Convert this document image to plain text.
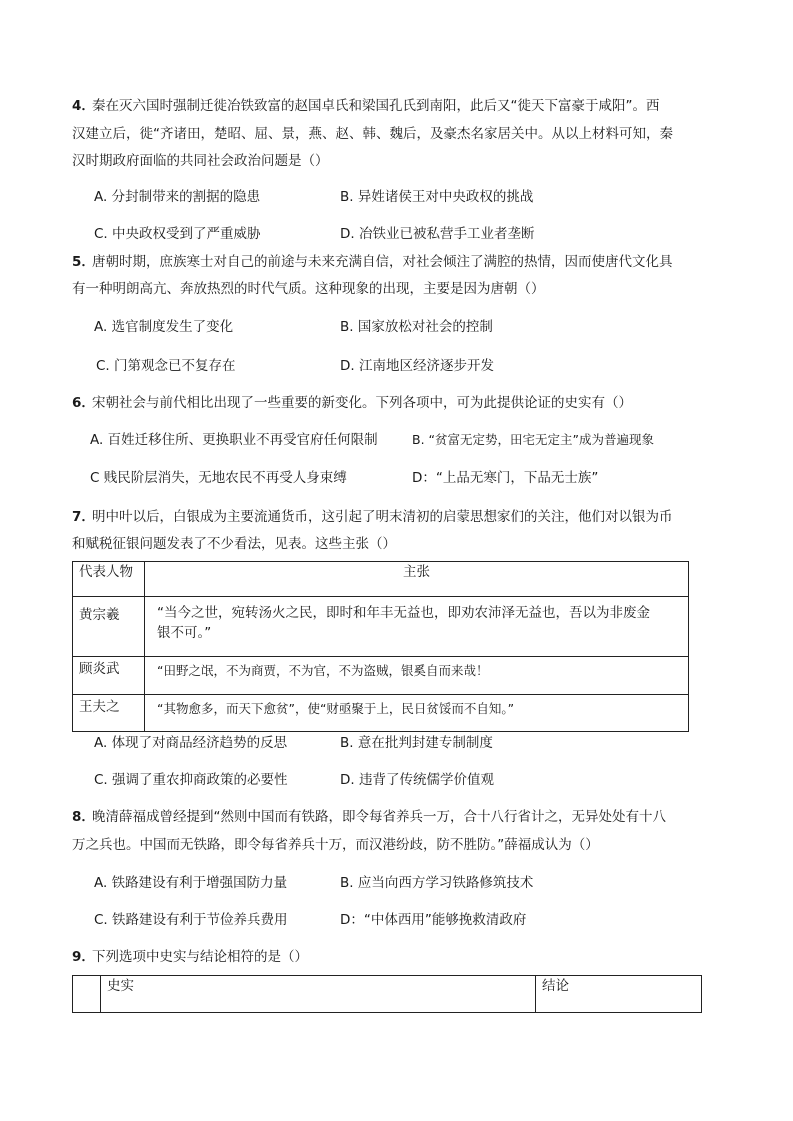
4．
秦在灭六国时强制迁徙冶铁致富的赵国卓氏和梁国孔氏到南阳，此后又“徙天下富豪于咸阳”。西
汉建立后，徙“齐诸田，楚昭、屈、景，燕、赵、韩、魏后，及豪杰名家居关中。从以上材料可知，秦
汉时期政府面临的共同社会政治问题是（）
A. 分封制带来的割据的隐患	B. 异姓诸侯王对中央政权的挑战
C. 中央政权受到了严重威胁	D. 冶铁业已被私营手工业者垄断
5．
唐朝时期，庶族寒士对自己的前途与未来充满自信，对社会倾注了满腔的热情，因而使唐代文化具
有一种明朗高亢、奔放热烈的时代气质。这种现象的出现，主要是因为唐朝（）
A. 选官制度发生了变化	B. 国家放松对社会的控制
C. 门第观念已不复存在	D. 江南地区经济逐步开发
6．
宋朝社会与前代相比出现了一些重要的新变化。下列各项中，可为此提供论证的史实有（）
A. 百姓迁移住所、更换职业不再受官府任何限制	B. “贫富无定势，田宅无定主”成为普遍现象
C 贱民阶层消失，无地农民不再受人身束缚	D：“上品无寒门，下品无士族”
7．
明中叶以后，白银成为主要流通货币，这引起了明末清初的启蒙思想家们的关注，他们对以银为币
和赋税征银问题发表了不少看法，见表。这些主张（）
代表人物	主张
黄宗羲	“当今之世，宛转汤火之民，即时和年丰无益也，即劝农沛泽无益也，吾以为非废金
银不可。”

顾炎武	“田野之氓，不为商贾，不为官，不为盗贼，银奚自而来哉！
王夫之	“其物愈多，而天下愈贫”，使“财亟聚于上，民日贫馁而不自知。”
A. 体现了对商品经济趋势的反思	B. 意在批判封建专制制度
C. 强调了重农抑商政策的必要性	D. 违背了传统儒学价值观
8．
晚清薛福成曾经提到“然则中国而有铁路，即令每省养兵一万，合十八行省计之，无异处处有十八
万之兵也。中国而无铁路，即令每省养兵十万，而汉港纷歧，防不胜防。”薛福成认为（）
A. 铁路建设有利于增强国防力量	B. 应当向西方学习铁路修筑技术
C. 铁路建设有利于节俭养兵费用	D：“中体西用”能够挽救清政府
9．
下列选项中史实与结论相符的是（）
	史实	结论
